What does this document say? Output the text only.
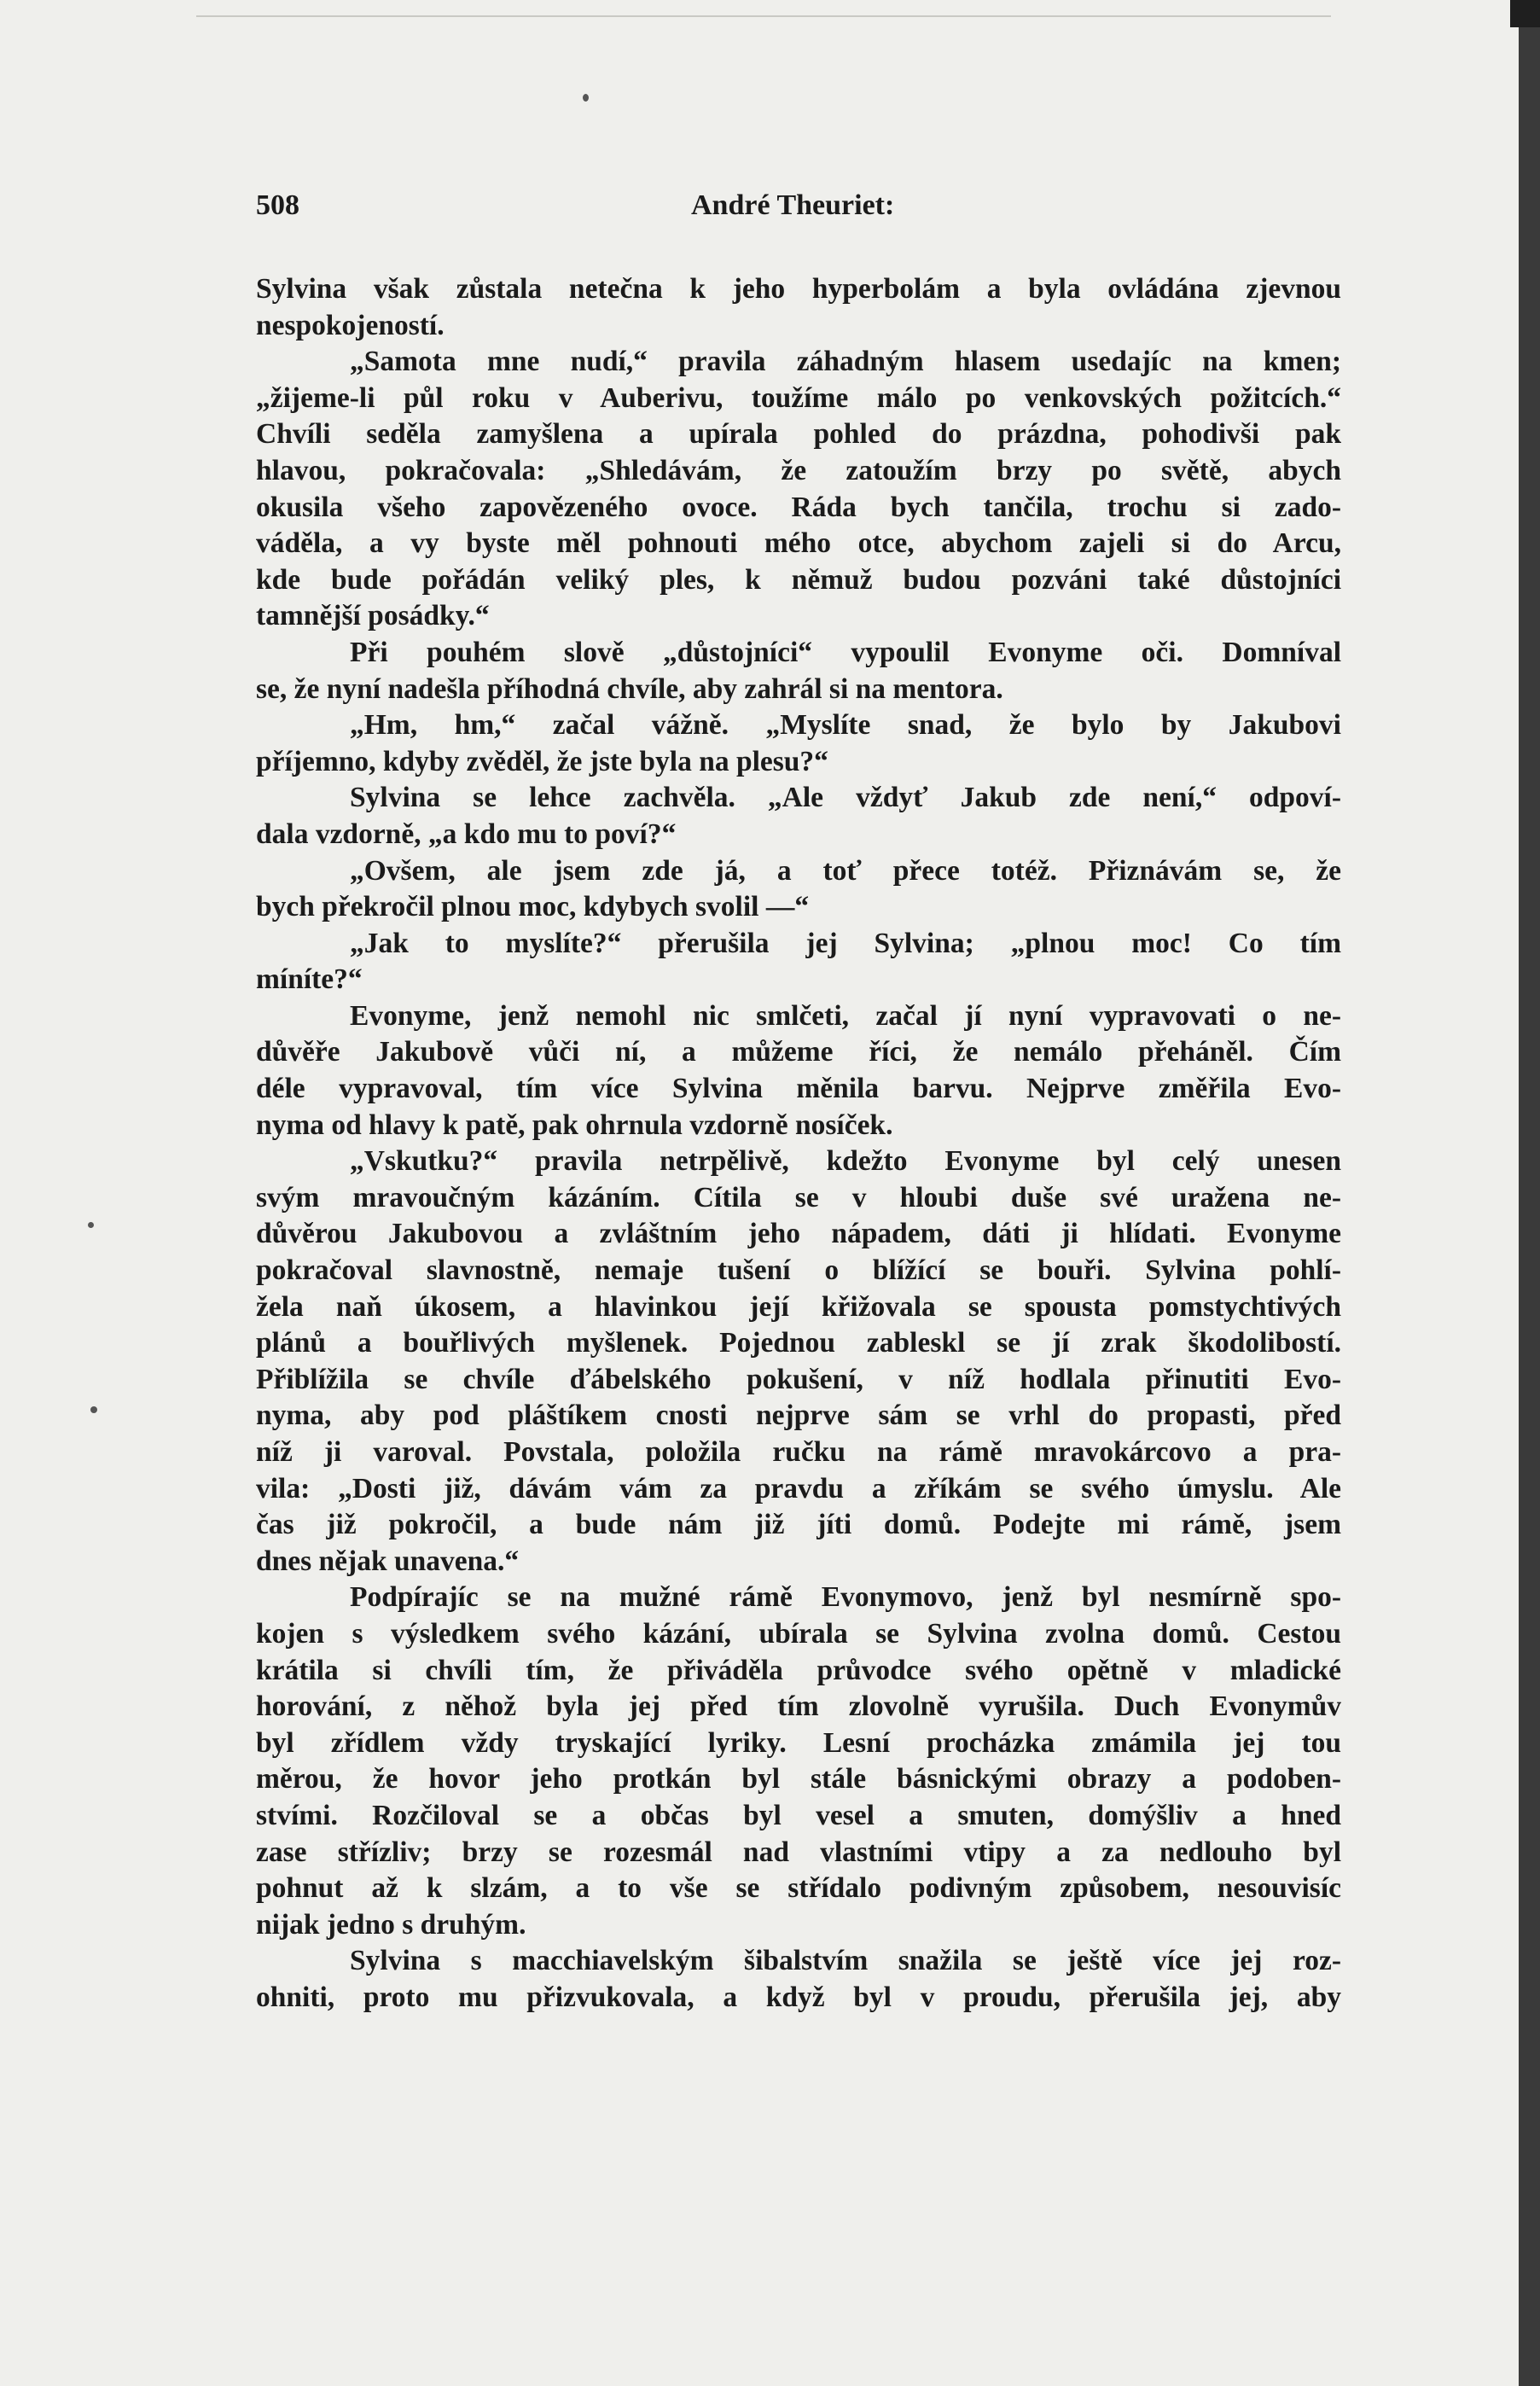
508	André Theuriet:
Sylvina však zůstala netečna k jeho hyperbolám a byla ovládána zjevnou
nespokojeností.
„Samota mne nudí,“ pravila záhadným hlasem usedajíc na kmen;
„žijeme-li půl roku v Auberivu, toužíme málo po venkovských požitcích.“
Chvíli seděla zamyšlena a upírala pohled do prázdna, pohodivši pak
hlavou, pokračovala: „Shledávám, že zatoužím brzy po světě, abych
okusila všeho zapovězeného ovoce. Ráda bych tančila, trochu si zado-
váděla, a vy byste měl pohnouti mého otce, abychom zajeli si do Arcu,
kde bude pořádán veliký ples, k němuž budou pozváni také důstojníci
tamnější posádky.“
Při pouhém slově „důstojníci“ vypoulil Evonyme oči. Domníval
se, že nyní nadešla příhodná chvíle, aby zahrál si na mentora.
„Hm, hm,“ začal vážně. „Myslíte snad, že bylo by Jakubovi
příjemno, kdyby zvěděl, že jste byla na plesu?“
Sylvina se lehce zachvěla. „Ale vždyť Jakub zde není,“ odpoví-
dala vzdorně, „a kdo mu to poví?“
„Ovšem, ale jsem zde já, a toť přece totéž. Přiznávám se, že
bych překročil plnou moc, kdybych svolil —“
„Jak to myslíte?“ přerušila jej Sylvina; „plnou moc! Co tím
míníte?“
Evonyme, jenž nemohl nic smlčeti, začal jí nyní vypravovati o ne-
důvěře Jakubově vůči ní, a můžeme říci, že nemálo přeháněl. Čím
déle vypravoval, tím více Sylvina měnila barvu. Nejprve změřila Evo-
nyma od hlavy k patě, pak ohrnula vzdorně nosíček.
„Vskutku?“ pravila netrpělivě, kdežto Evonyme byl celý unesen
svým mravoučným kázáním. Cítila se v hloubi duše své uražena ne-
důvěrou Jakubovou a zvláštním jeho nápadem, dáti ji hlídati. Evonyme
pokračoval slavnostně, nemaje tušení o blížící se bouři. Sylvina pohlí-
žela naň úkosem, a hlavinkou její křižovala se spousta pomstychtivých
plánů a bouřlivých myšlenek. Pojednou zableskl se jí zrak škodolibostí.
Přiblížila se chvíle ďábelského pokušení, v níž hodlala přinutiti Evo-
nyma, aby pod pláštíkem cnosti nejprve sám se vrhl do propasti, před
níž ji varoval. Povstala, položila ručku na rámě mravokárcovo a pra-
vila: „Dosti již, dávám vám za pravdu a zříkám se svého úmyslu. Ale
čas již pokročil, a bude nám již jíti domů. Podejte mi rámě, jsem
dnes nějak unavena.“
Podpírajíc se na mužné rámě Evonymovo, jenž byl nesmírně spo-
kojen s výsledkem svého kázání, ubírala se Sylvina zvolna domů. Cestou
krátila si chvíli tím, že přiváděla průvodce svého opětně v mladické
horování, z něhož byla jej před tím zlovolně vyrušila. Duch Evonymův
byl zřídlem vždy tryskající lyriky. Lesní procházka zmámila jej tou
měrou, že hovor jeho protkán byl stále básnickými obrazy a podoben-
stvími. Rozčiloval se a občas byl vesel a smuten, domýšliv a hned
zase střízliv; brzy se rozesmál nad vlastními vtipy a za nedlouho byl
pohnut až k slzám, a to vše se střídalo podivným způsobem, nesouvisíc
nijak jedno s druhým.
Sylvina s macchiavelským šibalstvím snažila se ještě více jej roz-
ohniti, proto mu přizvukovala, a když byl v proudu, přerušila jej, aby
